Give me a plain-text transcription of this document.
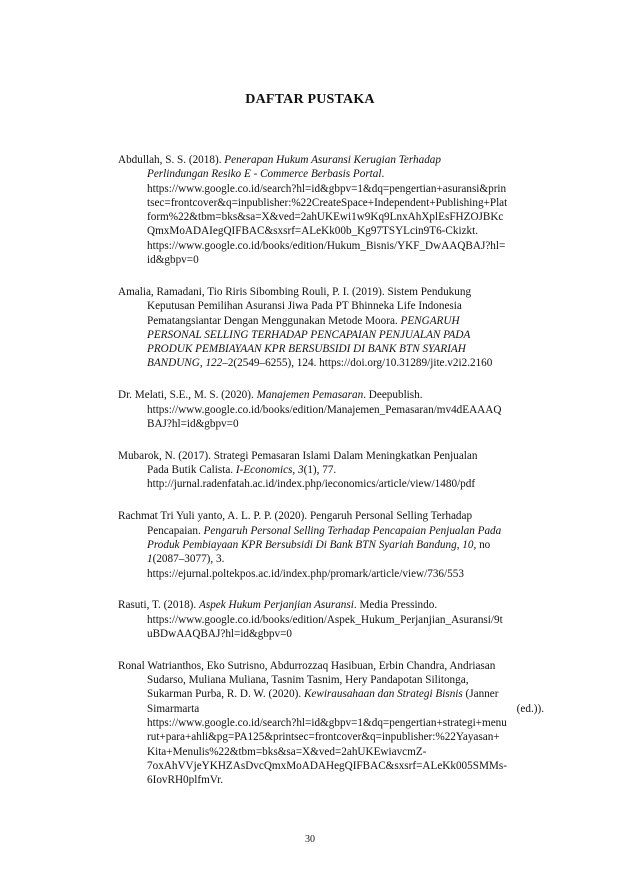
DAFTAR PUSTAKA
Abdullah, S. S. (2018). Penerapan Hukum Asuransi Kerugian Terhadap
Perlindungan Resiko E - Commerce Berbasis Portal.
https://www.google.co.id/search?hl=id&gbpv=1&dq=pengertian+asuransi&prin
tsec=frontcover&q=inpublisher:%22CreateSpace+Independent+Publishing+Plat
form%22&tbm=bks&sa=X&ved=2ahUKEwi1w9Kq9LnxAhXplEsFHZOJBKc
QmxMoADAIegQIFBAC&sxsrf=ALeKk00b_Kg97TSYLcin9T6-Ckizkt.
https://www.google.co.id/books/edition/Hukum_Bisnis/YKF_DwAAQBAJ?hl=
id&gbpv=0
Amalia, Ramadani, Tio Riris Sibombing Rouli, P. I. (2019). Sistem Pendukung
Keputusan Pemilihan Asuransi Jiwa Pada PT Bhinneka Life Indonesia
Pematangsiantar Dengan Menggunakan Metode Moora. PENGARUH
PERSONAL SELLING TERHADAP PENCAPAIAN PENJUALAN PADA
PRODUK PEMBIAYAAN KPR BERSUBSIDI DI BANK BTN SYARIAH
BANDUNG, 122–2(2549–6255), 124. https://doi.org/10.31289/jite.v2i2.2160
Dr. Melati, S.E., M. S. (2020). Manajemen Pemasaran. Deepublish.
https://www.google.co.id/books/edition/Manajemen_Pemasaran/mv4dEAAAQ
BAJ?hl=id&gbpv=0
Mubarok, N. (2017). Strategi Pemasaran Islami Dalam Meningkatkan Penjualan
Pada Butik Calista. I-Economics, 3(1), 77.
http://jurnal.radenfatah.ac.id/index.php/ieconomics/article/view/1480/pdf
Rachmat Tri Yuli yanto, A. L. P. P. (2020). Pengaruh Personal Selling Terhadap
Pencapaian. Pengaruh Personal Selling Terhadap Pencapaian Penjualan Pada
Produk Pembiayaan KPR Bersubsidi Di Bank BTN Syariah Bandung, 10, no
1(2087–3077), 3.
https://ejurnal.poltekpos.ac.id/index.php/promark/article/view/736/553
Rasuti, T. (2018). Aspek Hukum Perjanjian Asuransi. Media Pressindo.
https://www.google.co.id/books/edition/Aspek_Hukum_Perjanjian_Asuransi/9t
uBDwAAQBAJ?hl=id&gbpv=0
Ronal Watrianthos, Eko Sutrisno, Abdurrozzaq Hasibuan, Erbin Chandra, Andriasan
Sudarso, Muliana Muliana, Tasnim Tasnim, Hery Pandapotan Silitonga,
Sukarman Purba, R. D. W. (2020). Kewirausahaan dan Strategi Bisnis (Janner
Simarmarta	(ed.)).
https://www.google.co.id/search?hl=id&gbpv=1&dq=pengertian+strategi+menu
rut+para+ahli&pg=PA125&printsec=frontcover&q=inpublisher:%22Yayasan+
Kita+Menulis%22&tbm=bks&sa=X&ved=2ahUKEwiavcmZ-
7oxAhVVjeYKHZAsDvcQmxMoADAHegQIFBAC&sxsrf=ALeKk005SMMs-
6IovRH0plfmVr.
30
